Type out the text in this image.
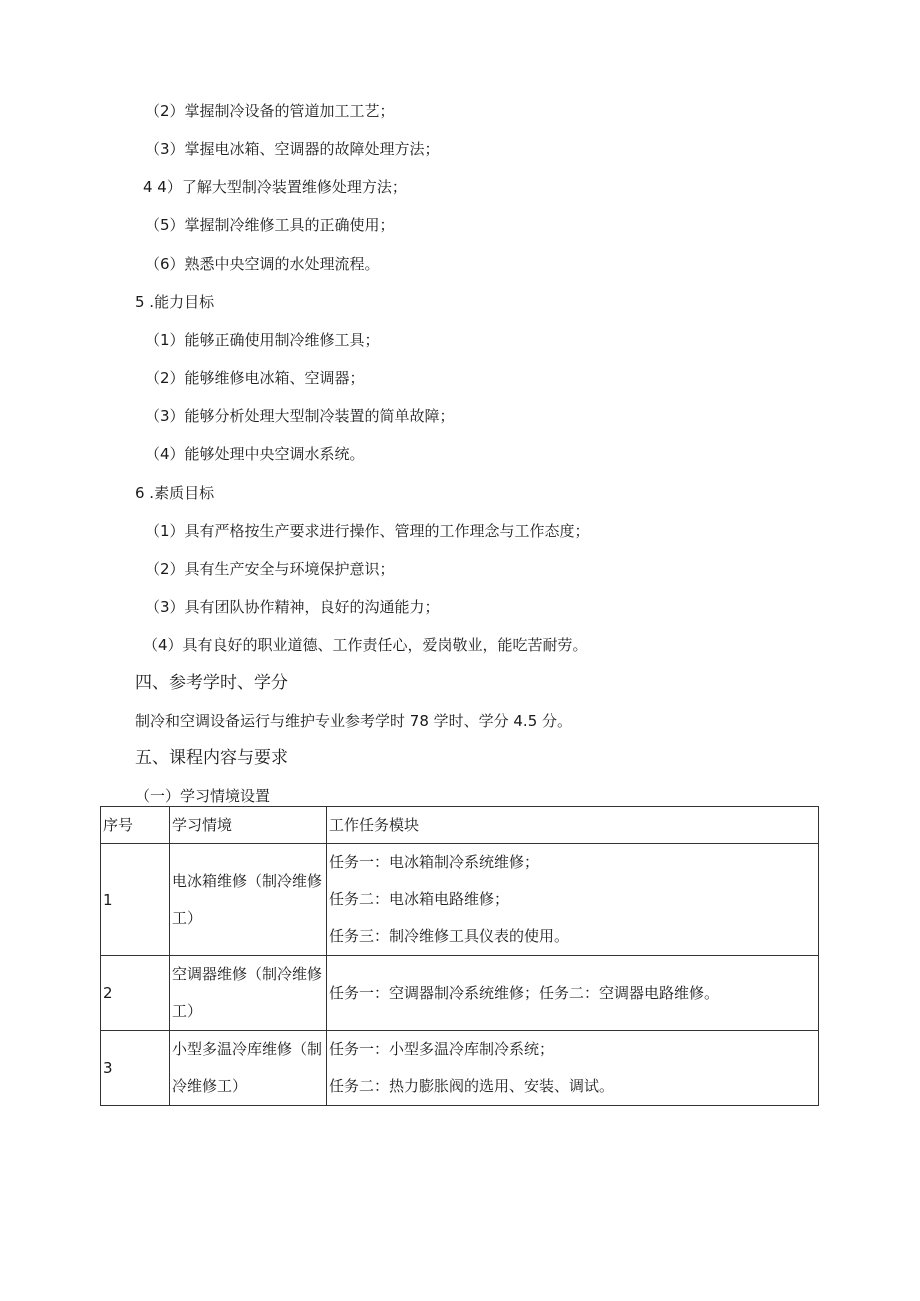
（2）掌握制冷设备的管道加工工艺；
（3）掌握电冰箱、空调器的故障处理方法；
4 4）了解大型制冷装置维修处理方法；
（5）掌握制冷维修工具的正确使用；
（6）熟悉中央空调的水处理流程。
5 .能力目标
（1）能够正确使用制冷维修工具；
（2）能够维修电冰箱、空调器；
（3）能够分析处理大型制冷装置的简单故障；
（4）能够处理中央空调水系统。
6 .素质目标
（1）具有严格按生产要求进行操作、管理的工作理念与工作态度；
（2）具有生产安全与环境保护意识；
（3）具有团队协作精神，良好的沟通能力；
（4）具有良好的职业道德、工作责任心，爱岗敬业，能吃苦耐劳。
四、参考学时、学分
制冷和空调设备运行与维护专业参考学时 78 学时、学分 4.5 分。
五、课程内容与要求
（一）学习情境设置
序号	学习情境	工作任务模块
1	电冰箱维修（制冷维修工）	任务一：电冰箱制冷系统维修；
任务二：电冰箱电路维修；
任务三：制冷维修工具仪表的使用。

2	空调器维修（制冷维修工）	任务一：空调器制冷系统维修；任务二：空调器电路维修。

3	小型多温冷库维修（制冷维修工）	任务一：小型多温冷库制冷系统；
任务二：热力膨胀阀的选用、安装、调试。
